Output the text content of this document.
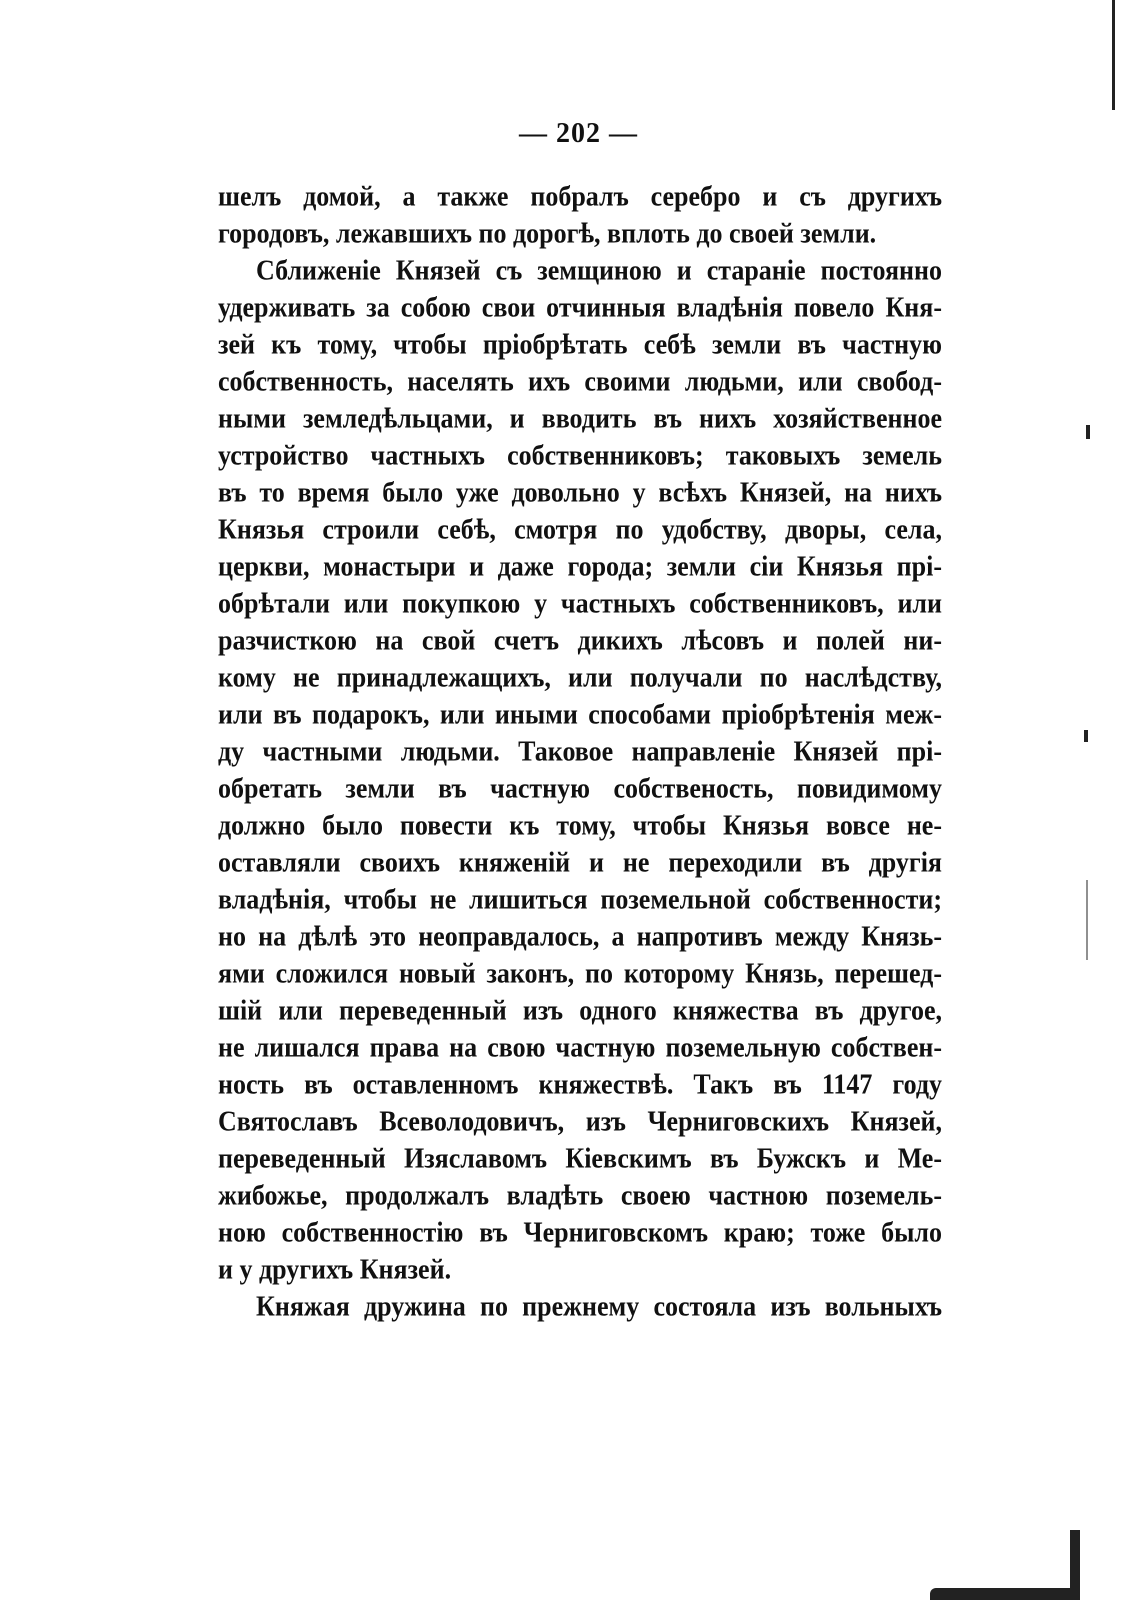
— 202 —
шелъ домой, а также побралъ серебро и съ другихъ
городовъ, лежавшихъ по дорогѣ, вплоть до своей земли.
Сближенiе Князей съ земщиною и старанiе постоянно
удерживать за собою свои отчинныя владѣнiя повело Кня-
зей къ тому, чтобы прiобрѣтать себѣ земли въ частную
собственность, населять ихъ своими людьми, или свобод-
ными земледѣльцами, и вводить въ нихъ хозяйственное
устройство частныхъ собственниковъ; таковыхъ земель
въ то время было уже довольно у всѣхъ Князей, на нихъ
Князья строили себѣ, смотря по удобству, дворы, села,
церкви, монастыри и даже города; земли сiи Князья прi-
обрѣтали или покупкою у частныхъ собственниковъ, или
разчисткою на свой счетъ дикихъ лѣсовъ и полей ни-
кому не принадлежащихъ, или получали по наслѣдству,
или въ подарокъ, или иными способами прiобрѣтенiя меж-
ду частными людьми. Таковое направленiе Князей прi-
обретать земли въ частную собственость, повидимому
должно было повести къ тому, чтобы Князья вовсе не-
оставляли своихъ княженiй и не переходили въ другiя
владѣнiя, чтобы не лишиться поземельной собственности;
но на дѣлѣ это неоправдалось, а напротивъ между Князь-
ями сложился новый законъ, по которому Князь, перешед-
шiй или переведенный изъ одного княжества въ другое,
не лишался права на свою частную поземельную собствен-
ность въ оставленномъ княжествѣ. Такъ въ 1147 году
Святославъ Всеволодовичъ, изъ Черниговскихъ Князей,
переведенный Изяславомъ Кiевскимъ въ Бужскъ и Ме-
жибожье, продолжалъ владѣть своею частною поземель-
ною собственностiю въ Черниговскомъ краю; тоже было
и у другихъ Князей.
Княжая дружина по прежнему состояла изъ вольныхъ
